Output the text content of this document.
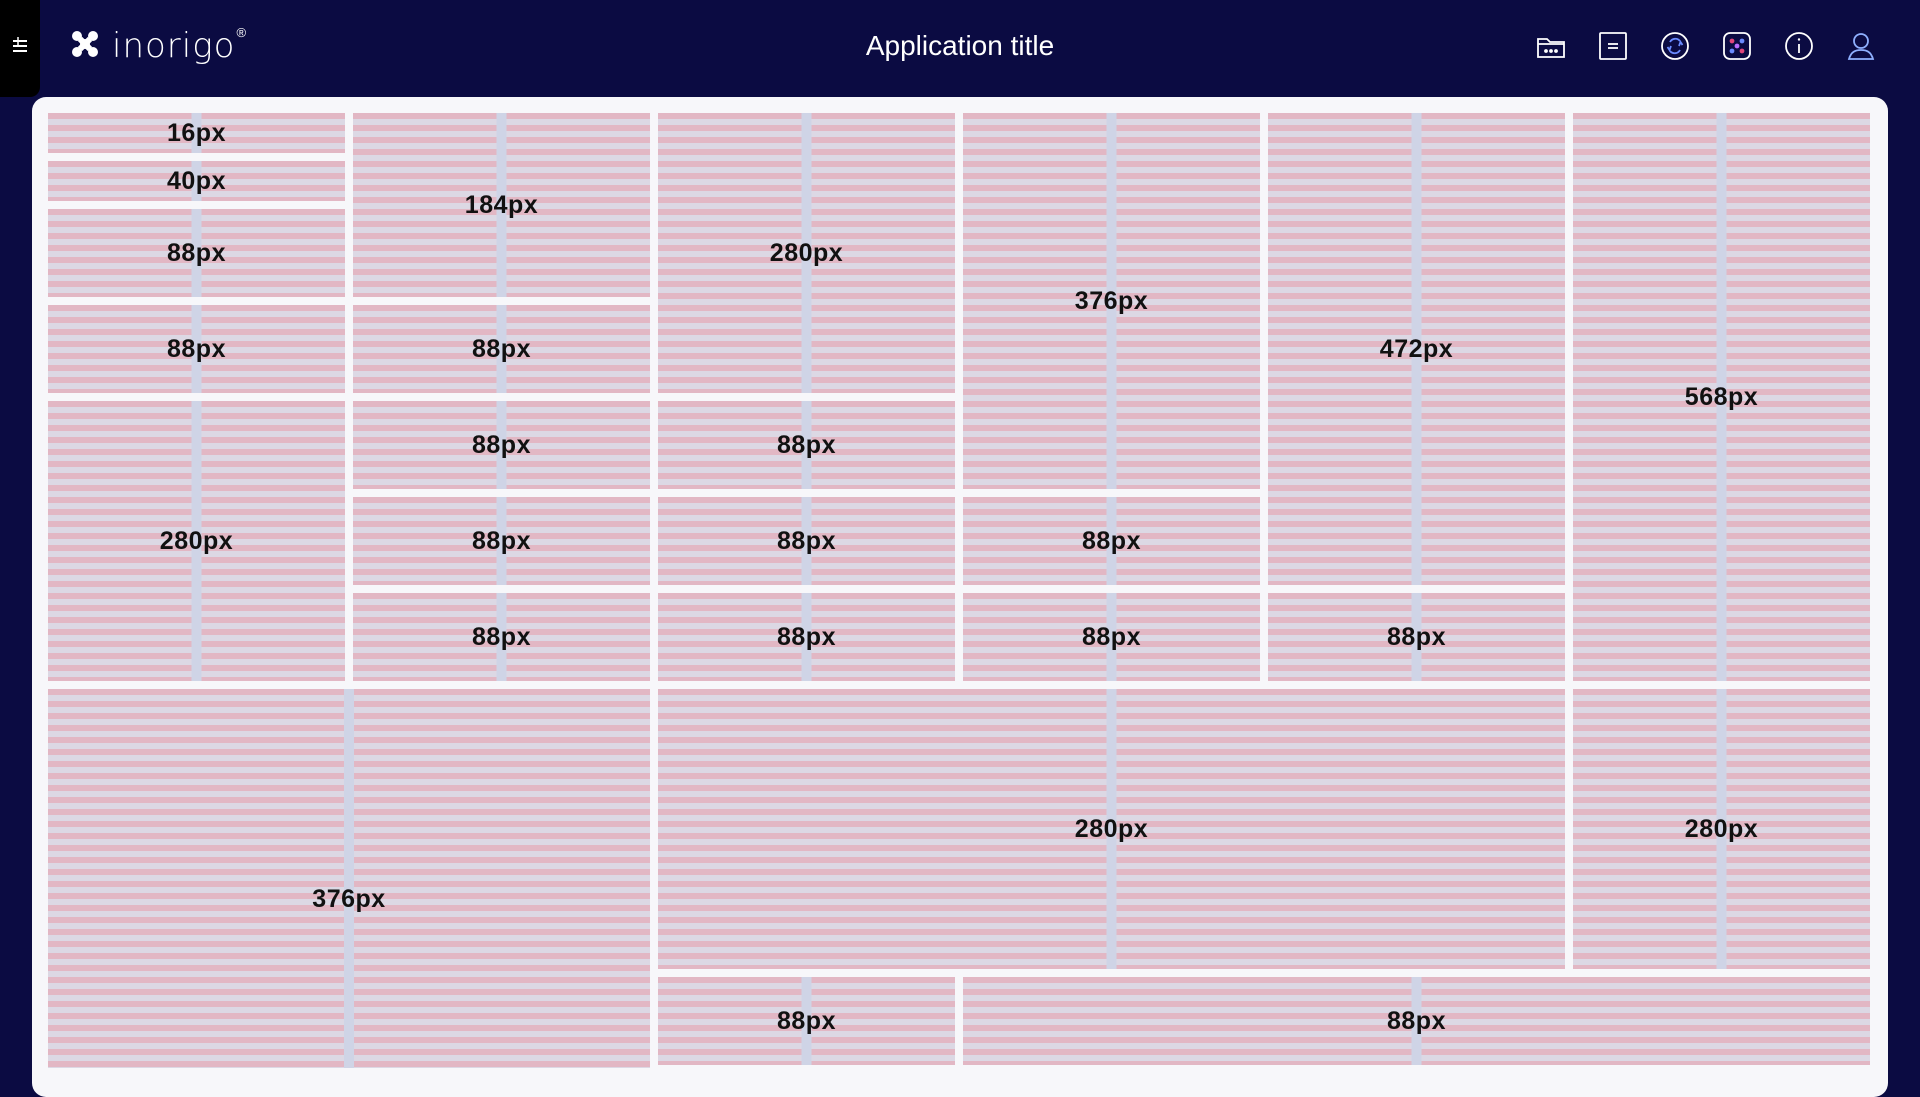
inorigo ®	Application title
16px
40px
88px
88px
280px
184px
88px
88px
88px
88px
280px
88px
88px
88px
376px
88px
88px
472px
88px
568px
376px
280px	280px
88px	88px
